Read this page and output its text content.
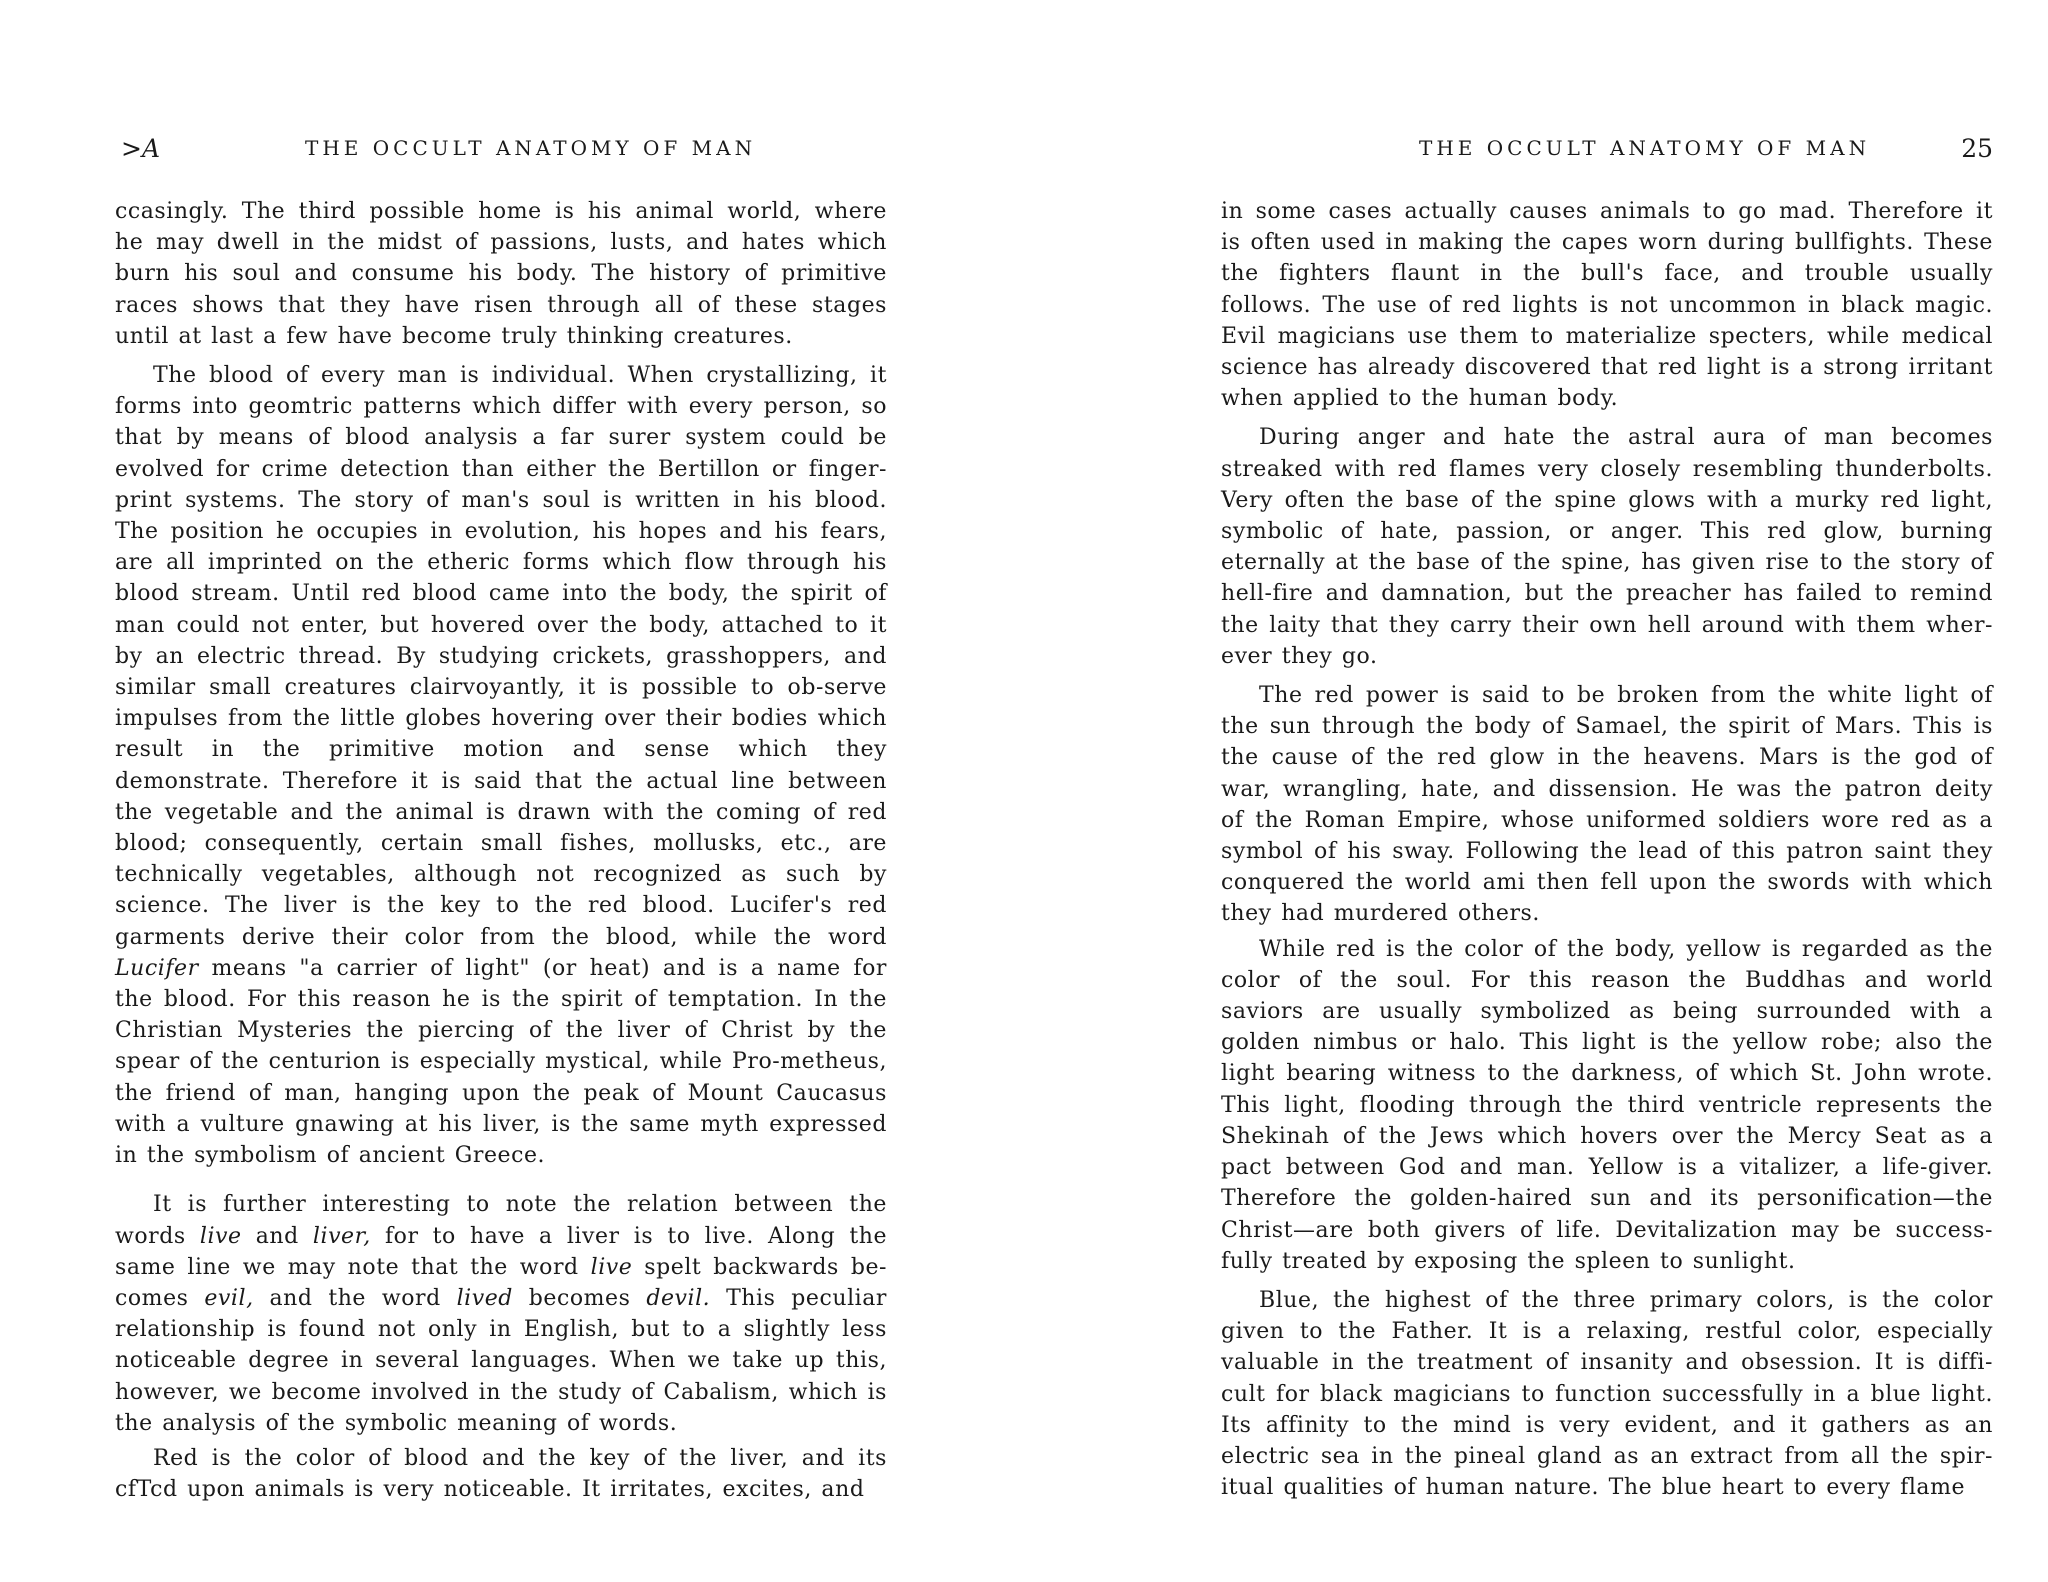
>A	THE OCCULT ANATOMY OF MAN

ccasingly. The third possible home is his animal world, where he may dwell in the midst of passions, lusts, and hates which burn his soul and consume his body. The history of primitive races shows that they have risen through all of these stages until at last a few have become truly thinking creatures.

The blood of every man is individual. When crystallizing, it forms into geomtric patterns which differ with every person, so that by means of blood analysis a far surer system could be evolved for crime detection than either the Bertillon or finger-print systems. The story of man's soul is written in his blood. The position he occupies in evolution, his hopes and his fears, are all imprinted on the etheric forms which flow through his blood stream. Until red blood came into the body, the spirit of man could not enter, but hovered over the body, attached to it by an electric thread. By studying crickets, grasshoppers, and similar small creatures clairvoyantly, it is possible to ob-serve impulses from the little globes hovering over their bodies which result in the primitive motion and sense which they demonstrate. Therefore it is said that the actual line between the vegetable and the animal is drawn with the coming of red blood; consequently, certain small fishes, mollusks, etc., are technically vegetables, although not recognized as such by science. The liver is the key to the red blood. Lucifer's red garments derive their color from the blood, while the word Lucifer means "a carrier of light" (or heat) and is a name for the blood. For this reason he is the spirit of temptation. In the Christian Mysteries the piercing of the liver of Christ by the spear of the centurion is especially mystical, while Pro-metheus, the friend of man, hanging upon the peak of Mount Caucasus with a vulture gnawing at his liver, is the same myth expressed in the symbolism of ancient Greece.

It is further interesting to note the relation between the words live and liver, for to have a liver is to live. Along the same line we may note that the word live spelt backwards be-comes evil, and the word lived becomes devil. This peculiar relationship is found not only in English, but to a slightly less noticeable degree in several languages. When we take up this, however, we become involved in the study of Cabalism, which is the analysis of the symbolic meaning of words.

Red is the color of blood and the key of the liver, and its cfTcd upon animals is very noticeable. It irritates, excites, and

THE OCCULT ANATOMY OF MAN	25

in some cases actually causes animals to go mad. Therefore it is often used in making the capes worn during bullfights. These the fighters flaunt in the bull's face, and trouble usually follows. The use of red lights is not uncommon in black magic. Evil magicians use them to materialize specters, while medical science has already discovered that red light is a strong irritant when applied to the human body.

During anger and hate the astral aura of man becomes streaked with red flames very closely resembling thunderbolts. Very often the base of the spine glows with a murky red light, symbolic of hate, passion, or anger. This red glow, burning eternally at the base of the spine, has given rise to the story of hell-fire and damnation, but the preacher has failed to remind the laity that they carry their own hell around with them wher-ever they go.

The red power is said to be broken from the white light of the sun through the body of Samael, the spirit of Mars. This is the cause of the red glow in the heavens. Mars is the god of war, wrangling, hate, and dissension. He was the patron deity of the Roman Empire, whose uniformed soldiers wore red as a symbol of his sway. Following the lead of this patron saint they conquered the world ami then fell upon the swords with which they had murdered others.

While red is the color of the body, yellow is regarded as the color of the soul. For this reason the Buddhas and world saviors are usually symbolized as being surrounded with a golden nimbus or halo. This light is the yellow robe; also the light bearing witness to the darkness, of which St. John wrote. This light, flooding through the third ventricle represents the Shekinah of the Jews which hovers over the Mercy Seat as a pact between God and man. Yellow is a vitalizer, a life-giver. Therefore the golden-haired sun and its personification—the Christ—are both givers of life. Devitalization may be success-fully treated by exposing the spleen to sunlight.

Blue, the highest of the three primary colors, is the color given to the Father. It is a relaxing, restful color, especially valuable in the treatment of insanity and obsession. It is diffi-cult for black magicians to function successfully in a blue light. Its affinity to the mind is very evident, and it gathers as an electric sea in the pineal gland as an extract from all the spir-itual qualities of human nature. The blue heart to every flame
